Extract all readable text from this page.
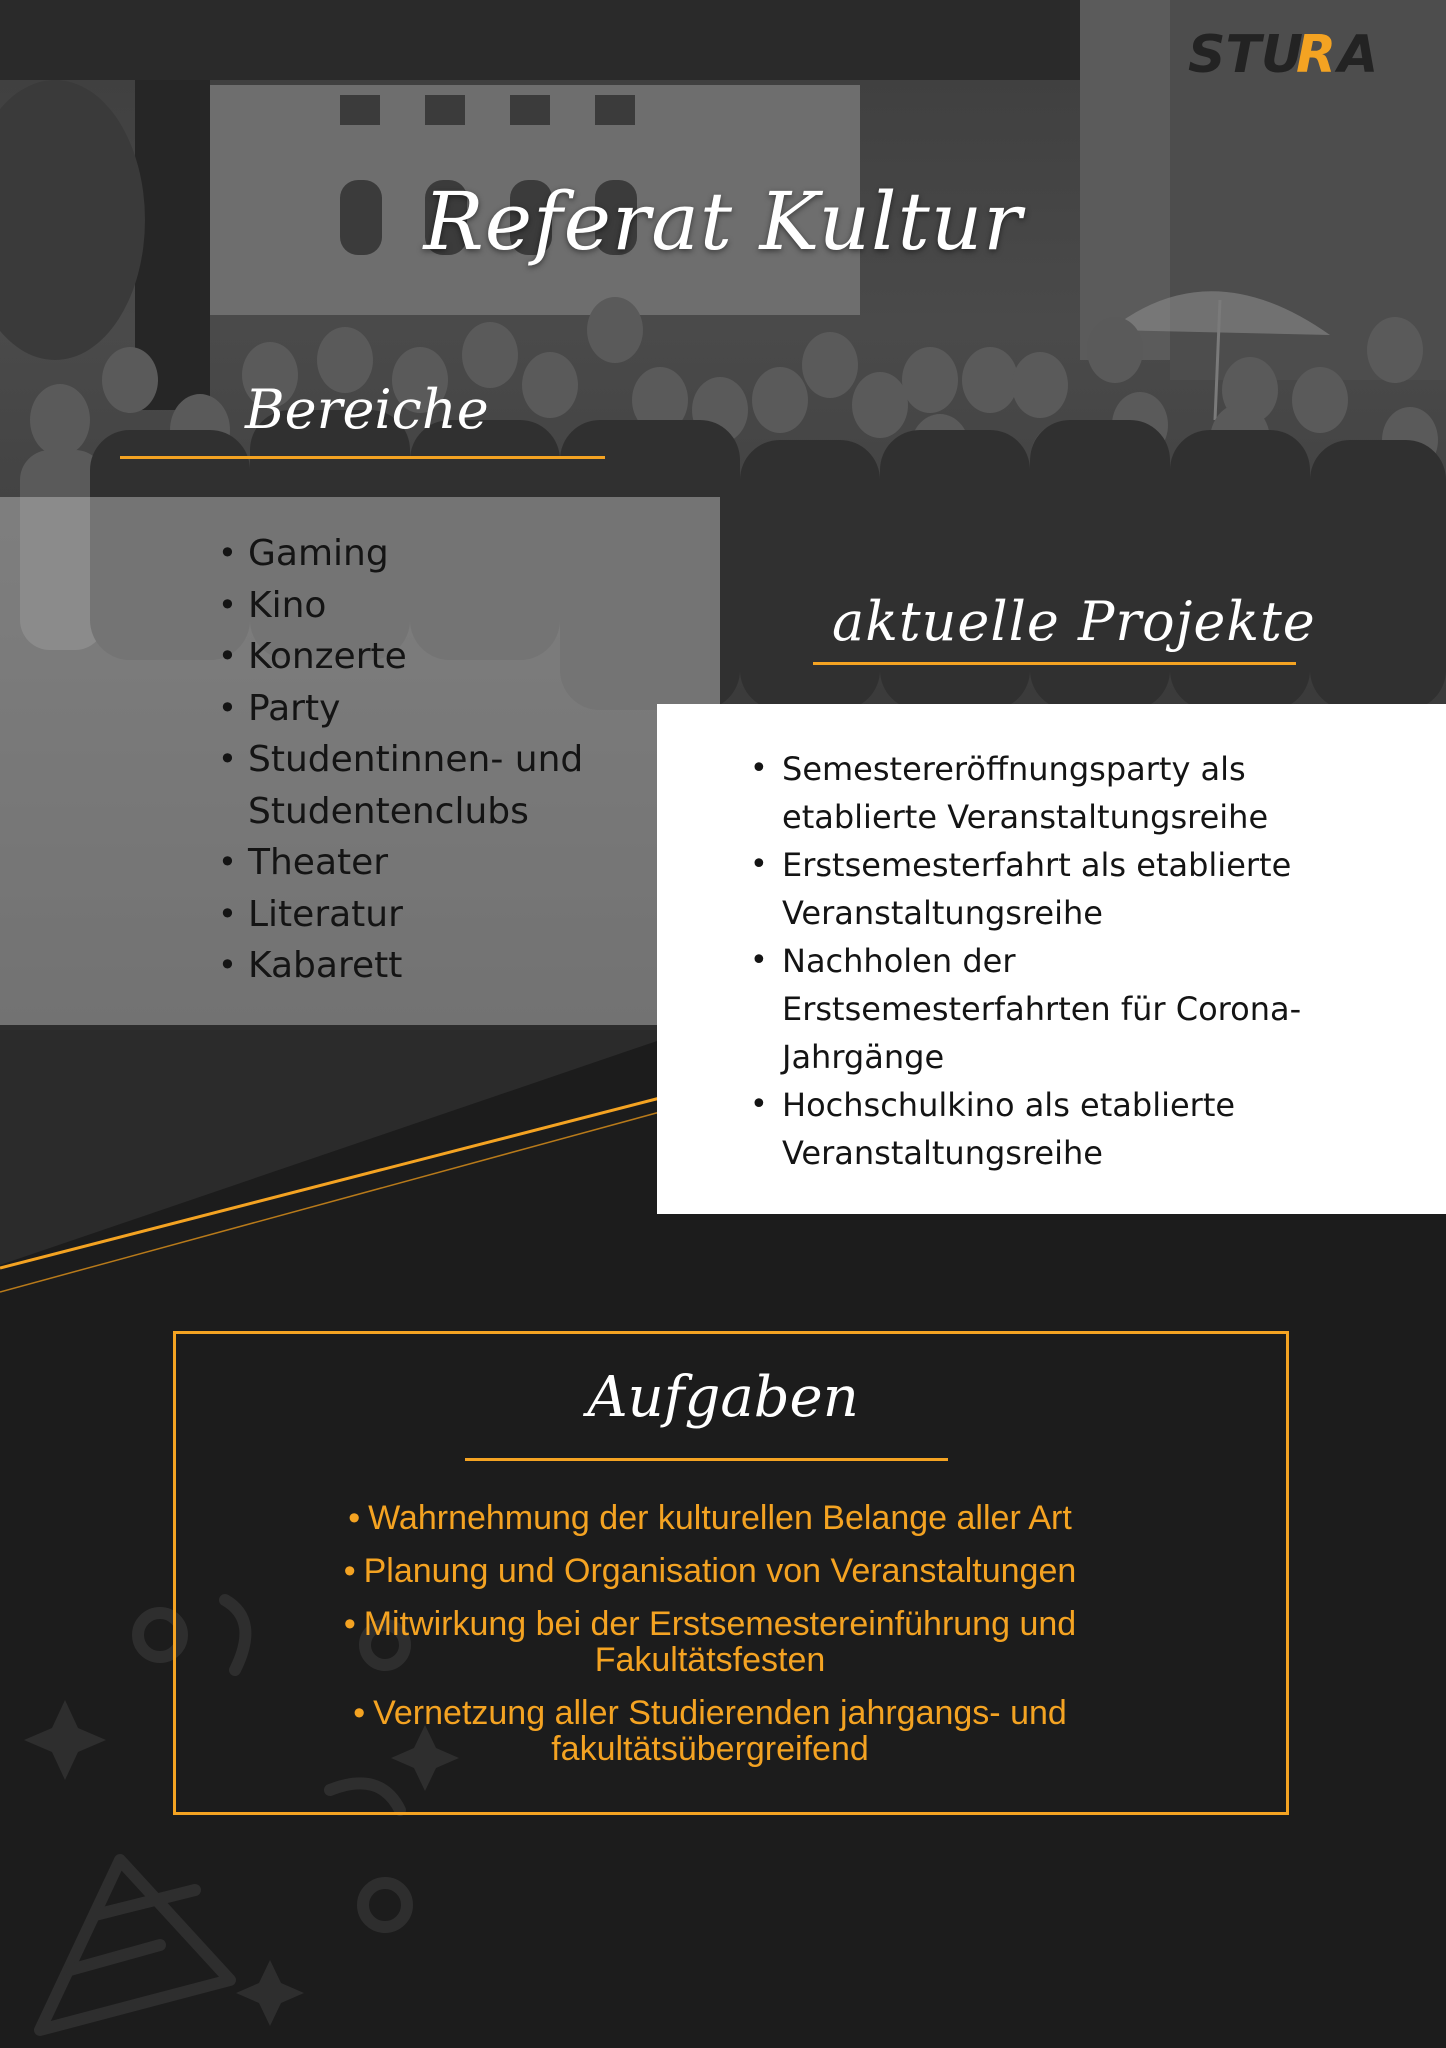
STU
R A
Referat Kultur
Bereiche
• Gaming
• Kino
• Konzerte
• Party
• Studentinnen- und Studentenclubs
• Theater
• Literatur
• Kabarett
aktuelle Projekte
• Semestereröffnungsparty als etablierte Veranstaltungsreihe
• Erstsemesterfahrt als etablierte Veranstaltungsreihe
• Nachholen der Erstsemesterfahrten für Corona-Jahrgänge
• Hochschulkino als etablierte Veranstaltungsreihe
Aufgaben
• Wahrnehmung der kulturellen Belange aller Art
• Planung und Organisation von Veranstaltungen
• Mitwirkung bei der Erstsemestereinführung und Fakultätsfesten
• Vernetzung aller Studierenden jahrgangs- und fakultätsübergreifend
